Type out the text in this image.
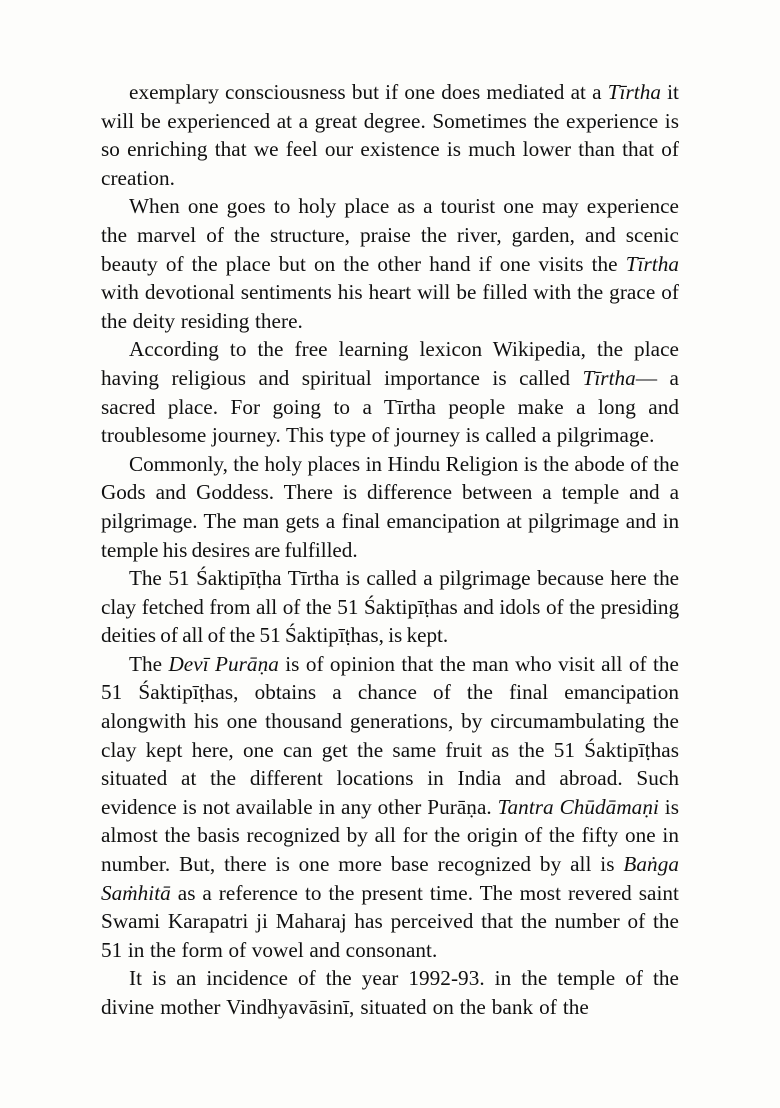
exemplary consciousness but if one does mediated at a Tīrtha it will be experienced at a great degree. Sometimes the experience is so enriching that we feel our existence is much lower than that of creation.

When one goes to holy place as a tourist one may experience the marvel of the structure, praise the river, garden, and scenic beauty of the place but on the other hand if one visits the Tīrtha with devotional sentiments his heart will be filled with the grace of the deity residing there.

According to the free learning lexicon Wikipedia, the place having religious and spiritual importance is called Tīrtha— a sacred place. For going to a Tīrtha people make a long and troublesome journey. This type of journey is called a pilgrimage.

Commonly, the holy places in Hindu Religion is the abode of the Gods and Goddess. There is difference between a temple and a pilgrimage. The man gets a final emancipation at pilgrimage and in temple his desires are fulfilled.

The 51 Śaktipīṭha Tīrtha is called a pilgrimage because here the clay fetched from all of the 51 Śaktipīṭhas and idols of the presiding deities of all of the 51 Śaktipīṭhas, is kept.

The Devī Purāṇa is of opinion that the man who visit all of the 51 Śaktipīṭhas, obtains a chance of the final emancipation alongwith his one thousand generations, by circumambulating the clay kept here, one can get the same fruit as the 51 Śaktipīṭhas situated at the different locations in India and abroad. Such evidence is not available in any other Purāṇa. Tantra Chūdāmaṇi is almost the basis recognized by all for the origin of the fifty one in number. But, there is one more base recognized by all is Baṅga Saṁhitā as a reference to the present time. The most revered saint Swami Karapatri ji Maharaj has perceived that the number of the 51 in the form of vowel and consonant.

It is an incidence of the year 1992-93. in the temple of the divine mother Vindhyavāsinī, situated on the bank of the
